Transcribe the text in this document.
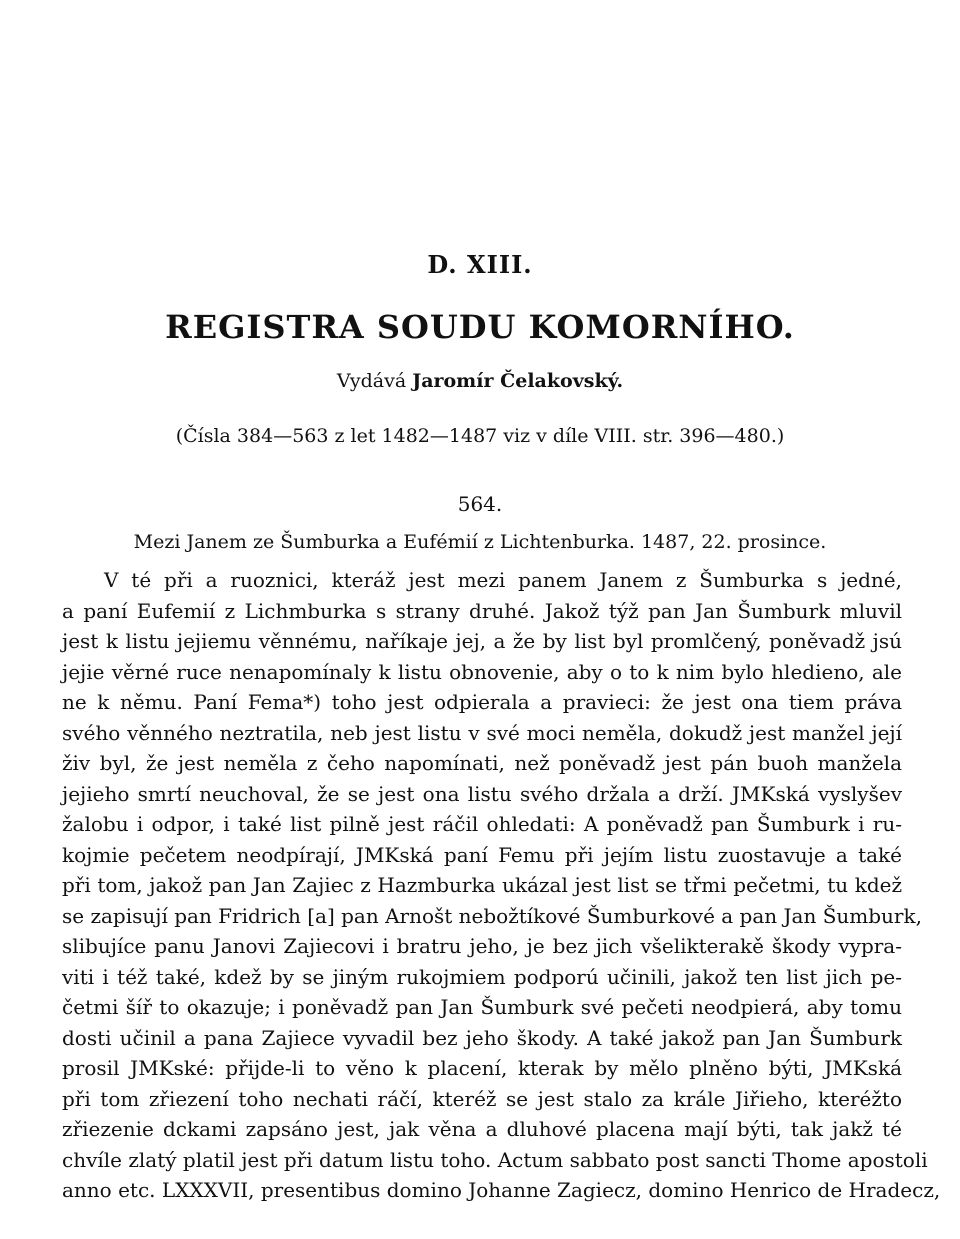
D. XIII.
REGISTRA SOUDU KOMORNÍHO.
Vydává Jaromír Čelakovský.
(Čísla 384—563 z let 1482—1487 viz v díle VIII. str. 396—480.)
564.
Mezi Janem ze Šumburka a Eufémií z Lichtenburka. 1487, 22. prosince.
V té při a ruoznici, kteráž jest mezi panem Janem z Šumburka s jedné,
a paní Eufemií z Lichmburka s strany druhé. Jakož týž pan Jan Šumburk mluvil
jest k listu jejiemu věnnému, naříkaje jej, a že by list byl promlčený, poněvadž jsú
jejie věrné ruce nenapomínaly k listu obnovenie, aby o to k nim bylo hledieno, ale
ne k němu. Paní Fema*) toho jest odpierala a pravieci: že jest ona tiem práva
svého věnného neztratila, neb jest listu v své moci neměla, dokudž jest manžel její
živ byl, že jest neměla z čeho napomínati, než poněvadž jest pán buoh manžela
jejieho smrtí neuchoval, že se jest ona listu svého držala a drží. JMKská vyslyšev
žalobu i odpor, i také list pilně jest ráčil ohledati: A poněvadž pan Šumburk i ru-
kojmie pečetem neodpírají, JMKská paní Femu při jejím listu zuostavuje a také
při tom, jakož pan Jan Zajiec z Hazmburka ukázal jest list se třmi pečetmi, tu kdež
se zapisují pan Fridrich [a] pan Arnošt nebožtíkové Šumburkové a pan Jan Šumburk,
slibujíce panu Janovi Zajiecovi i bratru jeho, je bez jich všelikterakě škody vypra-
viti i též také, kdež by se jiným rukojmiem podporú učinili, jakož ten list jich pe-
četmi šíř to okazuje; i poněvadž pan Jan Šumburk své pečeti neodpierá, aby tomu
dosti učinil a pana Zajiece vyvadil bez jeho škody. A také jakož pan Jan Šumburk
prosil JMKské: přijde-li to věno k placení, kterak by mělo plněno býti, JMKská
při tom zřiezení toho nechati ráčí, kteréž se jest stalo za krále Jiřieho, kteréžto
zřiezenie dckami zapsáno jest, jak věna a dluhové placena mají býti, tak jakž té
chvíle zlatý platil jest při datum listu toho. Actum sabbato post sancti Thome apostoli
anno etc. LXXXVII, presentibus domino Johanne Zagiecz, domino Henrico de Hradecz,
